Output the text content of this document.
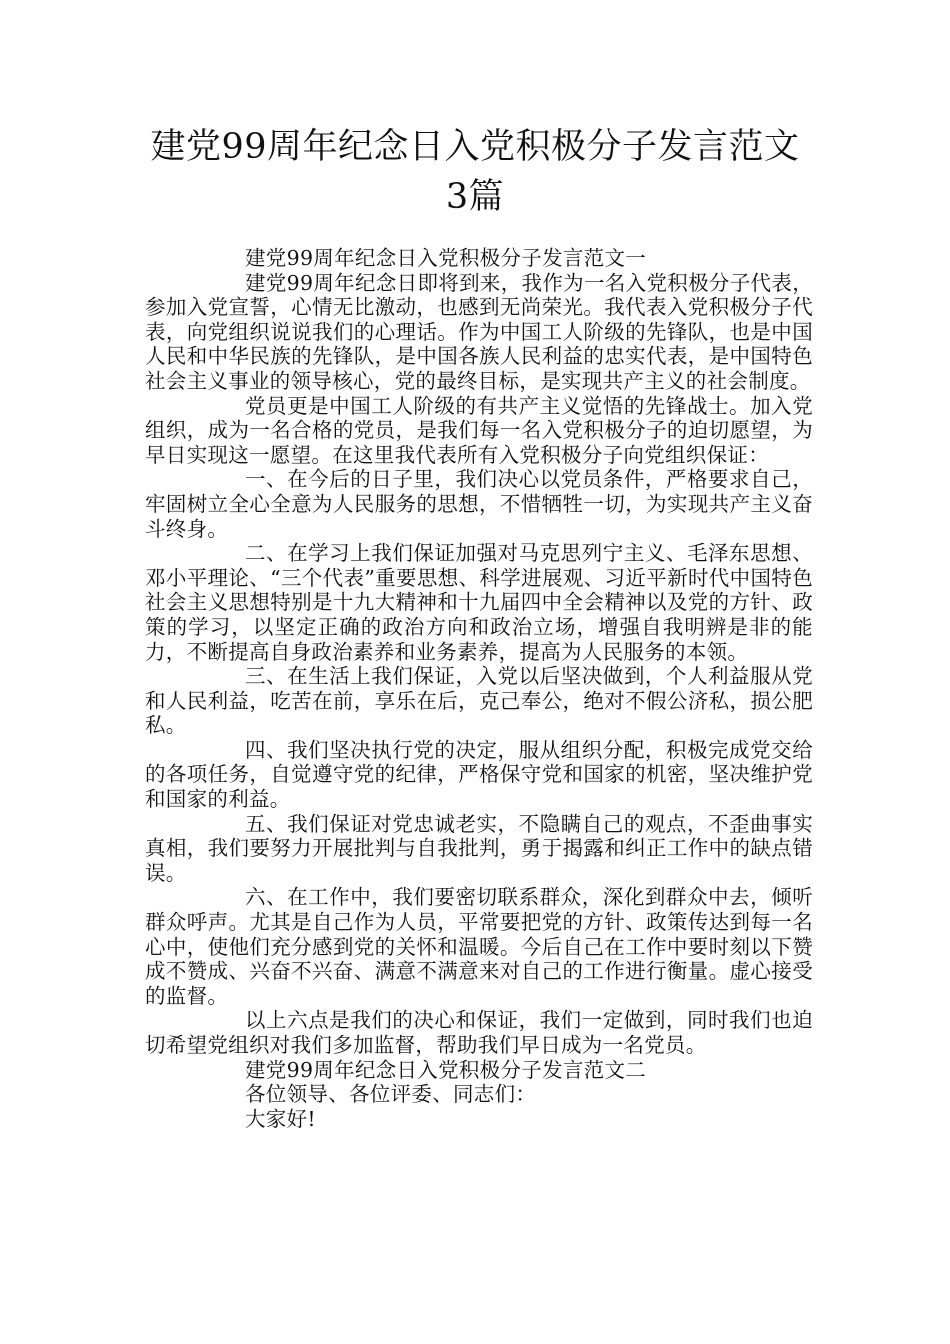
建党99周年纪念日入党积极分子发言范文
3篇

建党99周年纪念日入党积极分子发言范文一

建党99周年纪念日即将到来，我作为一名入党积极分子代表，参加入党宣誓，心情无比激动，也感到无尚荣光。我代表入党积极分子代表，向党组织说说我们的心理话。作为中国工人阶级的先锋队，也是中国人民和中华民族的先锋队，是中国各族人民利益的忠实代表，是中国特色社会主义事业的领导核心，党的最终目标，是实现共产主义的社会制度。

党员更是中国工人阶级的有共产主义觉悟的先锋战士。加入党组织，成为一名合格的党员，是我们每一名入党积极分子的迫切愿望，为早日实现这一愿望。在这里我代表所有入党积极分子向党组织保证：

一、在今后的日子里，我们决心以党员条件，严格要求自己，牢固树立全心全意为人民服务的思想，不惜牺牲一切，为实现共产主义奋斗终身。

二、在学习上我们保证加强对马克思列宁主义、毛泽东思想、邓小平理论、“三个代表”重要思想、科学进展观、习近平新时代中国特色社会主义思想特别是十九大精神和十九届四中全会精神以及党的方针、政策的学习，以坚定正确的政治方向和政治立场，增强自我明辨是非的能力，不断提高自身政治素养和业务素养，提高为人民服务的本领。

三、在生活上我们保证，入党以后坚决做到，个人利益服从党和人民利益，吃苦在前，享乐在后，克己奉公，绝对不假公济私，损公肥私。

四、我们坚决执行党的决定，服从组织分配，积极完成党交给的各项任务，自觉遵守党的纪律，严格保守党和国家的机密，坚决维护党和国家的利益。

五、我们保证对党忠诚老实，不隐瞒自己的观点，不歪曲事实真相，我们要努力开展批判与自我批判，勇于揭露和纠正工作中的缺点错误。

六、在工作中，我们要密切联系群众，深化到群众中去，倾听群众呼声。尤其是自己作为人员，平常要把党的方针、政策传达到每一名心中，使他们充分感到党的关怀和温暖。今后自己在工作中要时刻以下赞成不赞成、兴奋不兴奋、满意不满意来对自己的工作进行衡量。虚心接受的监督。

以上六点是我们的决心和保证，我们一定做到，同时我们也迫切希望党组织对我们多加监督，帮助我们早日成为一名党员。

建党99周年纪念日入党积极分子发言范文二

各位领导、各位评委、同志们：

大家好!
